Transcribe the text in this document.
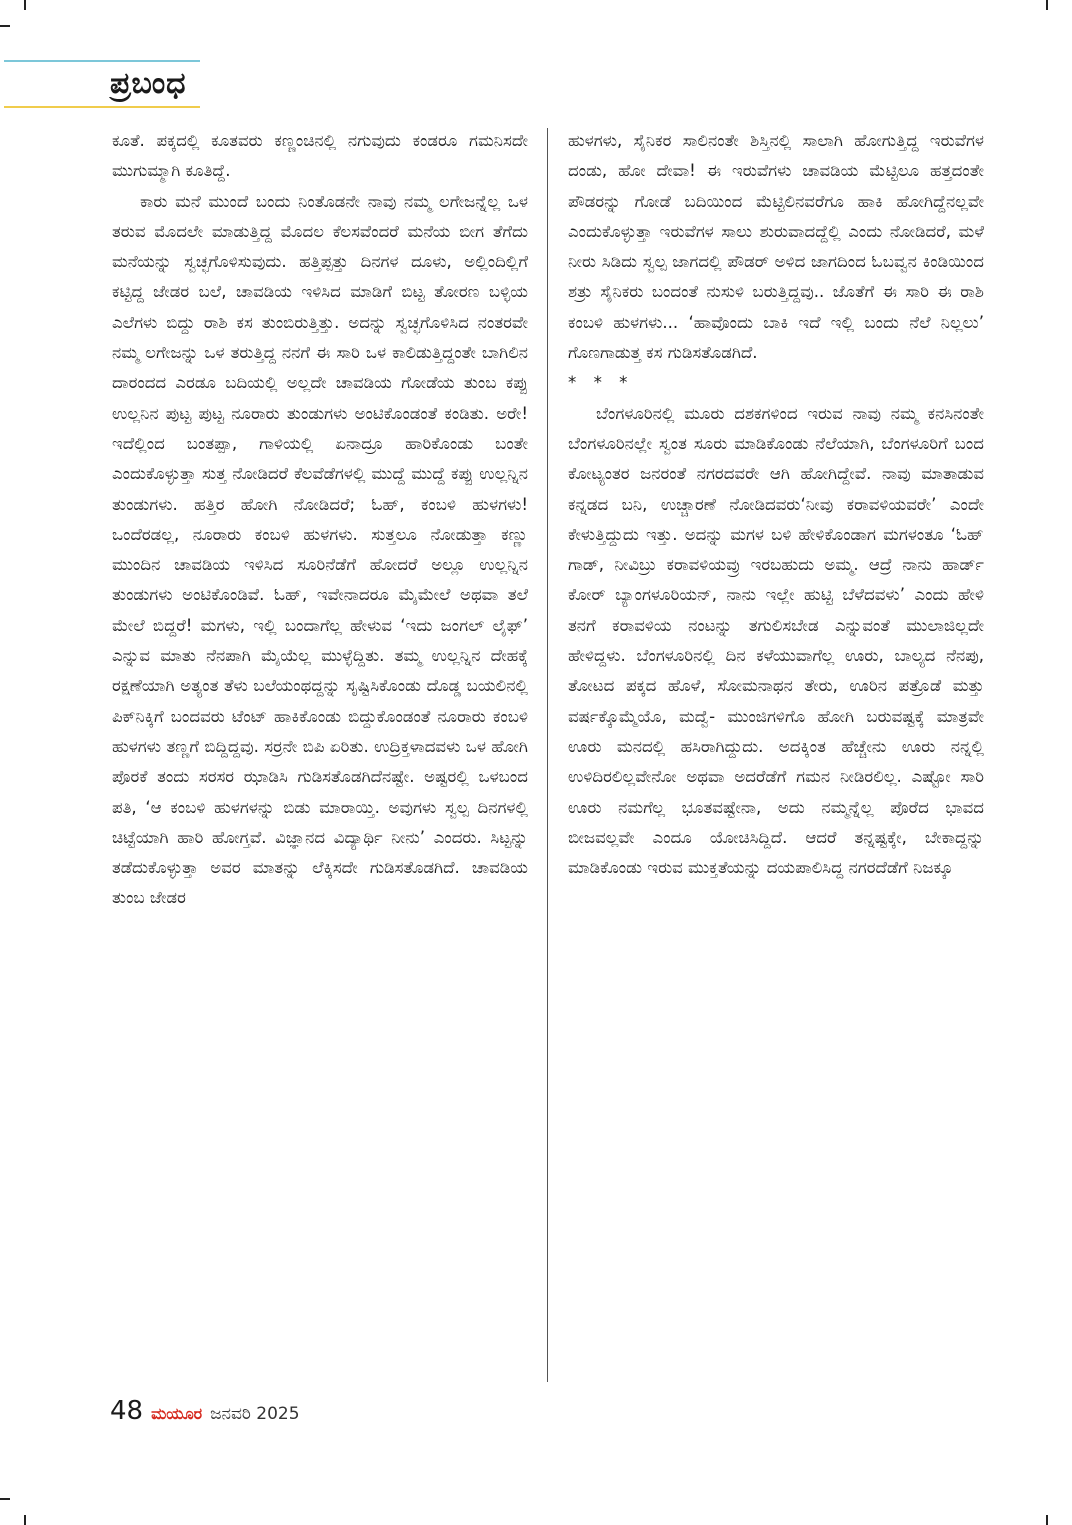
ಪ್ರಬಂಧ

ಕೂತೆ. ಪಕ್ಕದಲ್ಲಿ ಕೂತವರು ಕಣ್ಣಂಚಿನಲ್ಲಿ ನಗುವುದು ಕಂಡರೂ ಗಮನಿಸದೇ ಮುಗುಮ್ಮಾಗಿ ಕೂತಿದ್ದೆ.

ಕಾರು ಮನೆ ಮುಂದೆ ಬಂದು ನಿಂತೊಡನೇ ನಾವು ನಮ್ಮ ಲಗೇಜನ್ನೆಲ್ಲ ಒಳ ತರುವ ಮೊದಲೇ ಮಾಡುತ್ತಿದ್ದ ಮೊದಲ ಕೆಲಸವೆಂದರೆ ಮನೆಯ ಬೀಗ ತೆಗೆದು ಮನೆಯನ್ನು ಸ್ವಚ್ಛಗೊಳಿಸುವುದು. ಹತ್ತಿಪ್ಪತ್ತು ದಿನಗಳ ದೂಳು, ಅಲ್ಲಿಂದಿಲ್ಲಿಗೆ ಕಟ್ಟಿದ್ದ ಜೇಡರ ಬಲೆ, ಚಾವಡಿಯ ಇಳಿಸಿದ ಮಾಡಿಗೆ ಬಿಟ್ಟ ತೋರಣ ಬಳ್ಳಿಯ ಎಲೆಗಳು ಬಿದ್ದು ರಾಶಿ ಕಸ ತುಂಬಿರುತ್ತಿತ್ತು. ಅದನ್ನು ಸ್ವಚ್ಛಗೊಳಿಸಿದ ನಂತರವೇ ನಮ್ಮ ಲಗೇಜನ್ನು ಒಳ ತರುತ್ತಿದ್ದ ನನಗೆ ಈ ಸಾರಿ ಒಳ ಕಾಲಿಡುತ್ತಿದ್ದಂತೇ ಬಾಗಿಲಿನ ದಾರಂದದ ಎರಡೂ ಬದಿಯಲ್ಲಿ ಅಲ್ಲದೇ ಚಾವಡಿಯ ಗೋಡೆಯ ತುಂಬ ಕಪ್ಪು ಉಲ್ಲನಿನ ಪುಟ್ಟ ಪುಟ್ಟ ನೂರಾರು ತುಂಡುಗಳು ಅಂಟಿಕೊಂಡಂತೆ ಕಂಡಿತು. ಅರೇ! ಇದೆಲ್ಲಿಂದ ಬಂತಪ್ಪಾ, ಗಾಳಿಯಲ್ಲಿ ಏನಾದ್ರೂ ಹಾರಿಕೊಂಡು ಬಂತೇ ಎಂದುಕೊಳ್ಳುತ್ತಾ ಸುತ್ತ ನೋಡಿದರೆ ಕೆಲವೆಡೆಗಳಲ್ಲಿ ಮುದ್ದೆ ಮುದ್ದೆ ಕಪ್ಪು ಉಲ್ಲನ್ನಿನ ತುಂಡುಗಳು. ಹತ್ತಿರ ಹೋಗಿ ನೋಡಿದರೆ; ಓಹ್, ಕಂಬಳಿ ಹುಳಗಳು! ಒಂದೆರಡಲ್ಲ, ನೂರಾರು ಕಂಬಳಿ ಹುಳಗಳು. ಸುತ್ತಲೂ ನೋಡುತ್ತಾ ಕಣ್ಣು ಮುಂದಿನ ಚಾವಡಿಯ ಇಳಿಸಿದ ಸೂರಿನೆಡೆಗೆ ಹೋದರೆ ಅಲ್ಲೂ ಉಲ್ಲನ್ನಿನ ತುಂಡುಗಳು ಅಂಟಿಕೊಂಡಿವೆ. ಓಹ್, ಇವೇನಾದರೂ ಮೈಮೇಲೆ ಅಥವಾ ತಲೆ ಮೇಲೆ ಬಿದ್ದರೆ! ಮಗಳು, ಇಲ್ಲಿ ಬಂದಾಗೆಲ್ಲ ಹೇಳುವ ‘ಇದು ಜಂಗಲ್ ಲೈಫ್’ ಎನ್ನುವ ಮಾತು ನೆನಪಾಗಿ ಮೈಯೆಲ್ಲ ಮುಳ್ಳೆದ್ದಿತು. ತಮ್ಮ ಉಲ್ಲನ್ನಿನ ದೇಹಕ್ಕೆ ರಕ್ಷಣೆಯಾಗಿ ಅತ್ಯಂತ ತೆಳು ಬಲೆಯಂಥದ್ದನ್ನು ಸೃಷ್ಟಿಸಿಕೊಂಡು ದೊಡ್ಡ ಬಯಲಿನಲ್ಲಿ ಪಿಕ್‌ನಿಕ್ಕಿಗೆ ಬಂದವರು ಟೆಂಟ್ ಹಾಕಿಕೊಂಡು ಬಿದ್ದುಕೊಂಡಂತೆ ನೂರಾರು ಕಂಬಳಿ ಹುಳಗಳು ತಣ್ಣಗೆ ಬಿದ್ದಿದ್ದವು. ಸರ‍್ರನೇ ಬಿಪಿ ಏರಿತು. ಉದ್ರಿಕ್ತಳಾದವಳು ಒಳ ಹೋಗಿ ಪೊರಕೆ ತಂದು ಸರಸರ ಝಾಡಿಸಿ ಗುಡಿಸತೊಡಗಿದೆನಷ್ಟೇ. ಅಷ್ಟರಲ್ಲಿ ಒಳಬಂದ ಪತಿ, ‘ಆ ಕಂಬಳಿ ಹುಳಗಳನ್ನು ಬಿಡು ಮಾರಾಯ್ತಿ. ಅವುಗಳು ಸ್ವಲ್ಪ ದಿನಗಳಲ್ಲಿ ಚಿಟ್ಟೆಯಾಗಿ ಹಾರಿ ಹೋಗ್ತವೆ. ವಿಜ್ಞಾನದ ವಿದ್ಯಾರ್ಥಿ ನೀನು’ ಎಂದರು. ಸಿಟ್ಟನ್ನು ತಡೆದುಕೊಳ್ಳುತ್ತಾ ಅವರ ಮಾತನ್ನು ಲೆಕ್ಕಿಸದೇ ಗುಡಿಸತೊಡಗಿದೆ. ಚಾವಡಿಯ ತುಂಬ ಜೇಡರ

ಹುಳಗಳು, ಸೈನಿಕರ ಸಾಲಿನಂತೇ ಶಿಸ್ತಿನಲ್ಲಿ ಸಾಲಾಗಿ ಹೋಗುತ್ತಿದ್ದ ಇರುವೆಗಳ ದಂಡು, ಹೋ ದೇವಾ! ಈ ಇರುವೆಗಳು ಚಾವಡಿಯ ಮೆಟ್ಟಿಲೂ ಹತ್ತದಂತೇ ಪೌಡರನ್ನು ಗೋಡೆ ಬದಿಯಿಂದ ಮೆಟ್ಟಿಲಿನವರೆಗೂ ಹಾಕಿ ಹೋಗಿದ್ದೆನಲ್ಲವೇ ಎಂದುಕೊಳ್ಳುತ್ತಾ ಇರುವೆಗಳ ಸಾಲು ಶುರುವಾದದ್ದೆಲ್ಲಿ ಎಂದು ನೋಡಿದರೆ, ಮಳೆ ನೀರು ಸಿಡಿದು ಸ್ವಲ್ಪ ಜಾಗದಲ್ಲಿ ಪೌಡರ್ ಅಳಿದ ಜಾಗದಿಂದ ಓಬವ್ವನ ಕಿಂಡಿಯಿಂದ ಶತ್ರು ಸೈನಿಕರು ಬಂದಂತೆ ನುಸುಳಿ ಬರುತ್ತಿದ್ದವು.. ಜೊತೆಗೆ ಈ ಸಾರಿ ಈ ರಾಶಿ ಕಂಬಳಿ ಹುಳಗಳು... ‘ಹಾವೊಂದು ಬಾಕಿ ಇದೆ ಇಲ್ಲಿ ಬಂದು ನೆಲೆ ನಿಲ್ಲಲು’ ಗೊಣಗಾಡುತ್ತ ಕಸ ಗುಡಿಸತೊಡಗಿದೆ.

* * *

ಬೆಂಗಳೂರಿನಲ್ಲಿ ಮೂರು ದಶಕಗಳಿಂದ ಇರುವ ನಾವು ನಮ್ಮ ಕನಸಿನಂತೇ ಬೆಂಗಳೂರಿನಲ್ಲೇ ಸ್ವಂತ ಸೂರು ಮಾಡಿಕೊಂಡು ನೆಲೆಯಾಗಿ, ಬೆಂಗಳೂರಿಗೆ ಬಂದ ಕೋಟ್ಯಂತರ ಜನರಂತೆ ನಗರದವರೇ ಆಗಿ ಹೋಗಿದ್ದೇವೆ. ನಾವು ಮಾತಾಡುವ ಕನ್ನಡದ ಬನಿ, ಉಚ್ಚಾರಣೆ ನೋಡಿದವರು‘ನೀವು ಕರಾವಳಿಯವರೇ’ ಎಂದೇ ಕೇಳುತ್ತಿದ್ದುದು ಇತ್ತು. ಅದನ್ನು ಮಗಳ ಬಳಿ ಹೇಳಿಕೊಂಡಾಗ ಮಗಳಂತೂ ‘ಓಹ್ ಗಾಡ್, ನೀವಿಬ್ರು ಕರಾವಳಿಯವ್ರು ಇರಬಹುದು ಅಮ್ಮ. ಆದ್ರೆ ನಾನು ಹಾರ್ಡ್ ಕೋರ್ ಬ್ಯಾಂಗಳೂರಿಯನ್, ನಾನು ಇಲ್ಲೇ ಹುಟ್ಟಿ ಬೆಳೆದವಳು’ ಎಂದು ಹೇಳಿ ತನಗೆ ಕರಾವಳಿಯ ನಂಟನ್ನು ತಗುಲಿಸಬೇಡ ಎನ್ನುವಂತೆ ಮುಲಾಜಿಲ್ಲದೇ ಹೇಳಿದ್ದಳು. ಬೆಂಗಳೂರಿನಲ್ಲಿ ದಿನ ಕಳೆಯುವಾಗೆಲ್ಲ ಊರು, ಬಾಲ್ಯದ ನೆನಪು, ತೋಟದ ಪಕ್ಕದ ಹೊಳೆ, ಸೋಮನಾಥನ ತೇರು, ಊರಿನ ಪತ್ರೊಡೆ ಮತ್ತು ವರ್ಷಕ್ಕೊಮ್ಮೆಯೊ, ಮದ್ವೆ- ಮುಂಜಿಗಳಿಗೊ ಹೋಗಿ ಬರುವಷ್ಟಕ್ಕೆ ಮಾತ್ರವೇ ಊರು ಮನದಲ್ಲಿ ಹಸಿರಾಗಿದ್ದುದು. ಅದಕ್ಕಿಂತ ಹೆಚ್ಚೇನು ಊರು ನನ್ನಲ್ಲಿ ಉಳಿದಿರಲಿಲ್ಲವೇನೋ ಅಥವಾ ಅದರೆಡೆಗೆ ಗಮನ ನೀಡಿರಲಿಲ್ಲ. ಎಷ್ಟೋ ಸಾರಿ ಊರು ನಮಗೆಲ್ಲ ಭೂತವಷ್ಟೇನಾ, ಅದು ನಮ್ಮನ್ನೆಲ್ಲ ಪೊರೆದ ಭಾವದ ಬೀಜವಲ್ಲವೇ ಎಂದೂ ಯೋಚಿಸಿದ್ದಿದೆ. ಆದರೆ ತನ್ನಷ್ಟಕ್ಕೇ, ಬೇಕಾದ್ದನ್ನು ಮಾಡಿಕೊಂಡು ಇರುವ ಮುಕ್ತತೆಯನ್ನು ದಯಪಾಲಿಸಿದ್ದ ನಗರದೆಡೆಗೆ ನಿಜಕ್ಕೂ

48 ಮಯೂರ ಜನವರಿ 2025
